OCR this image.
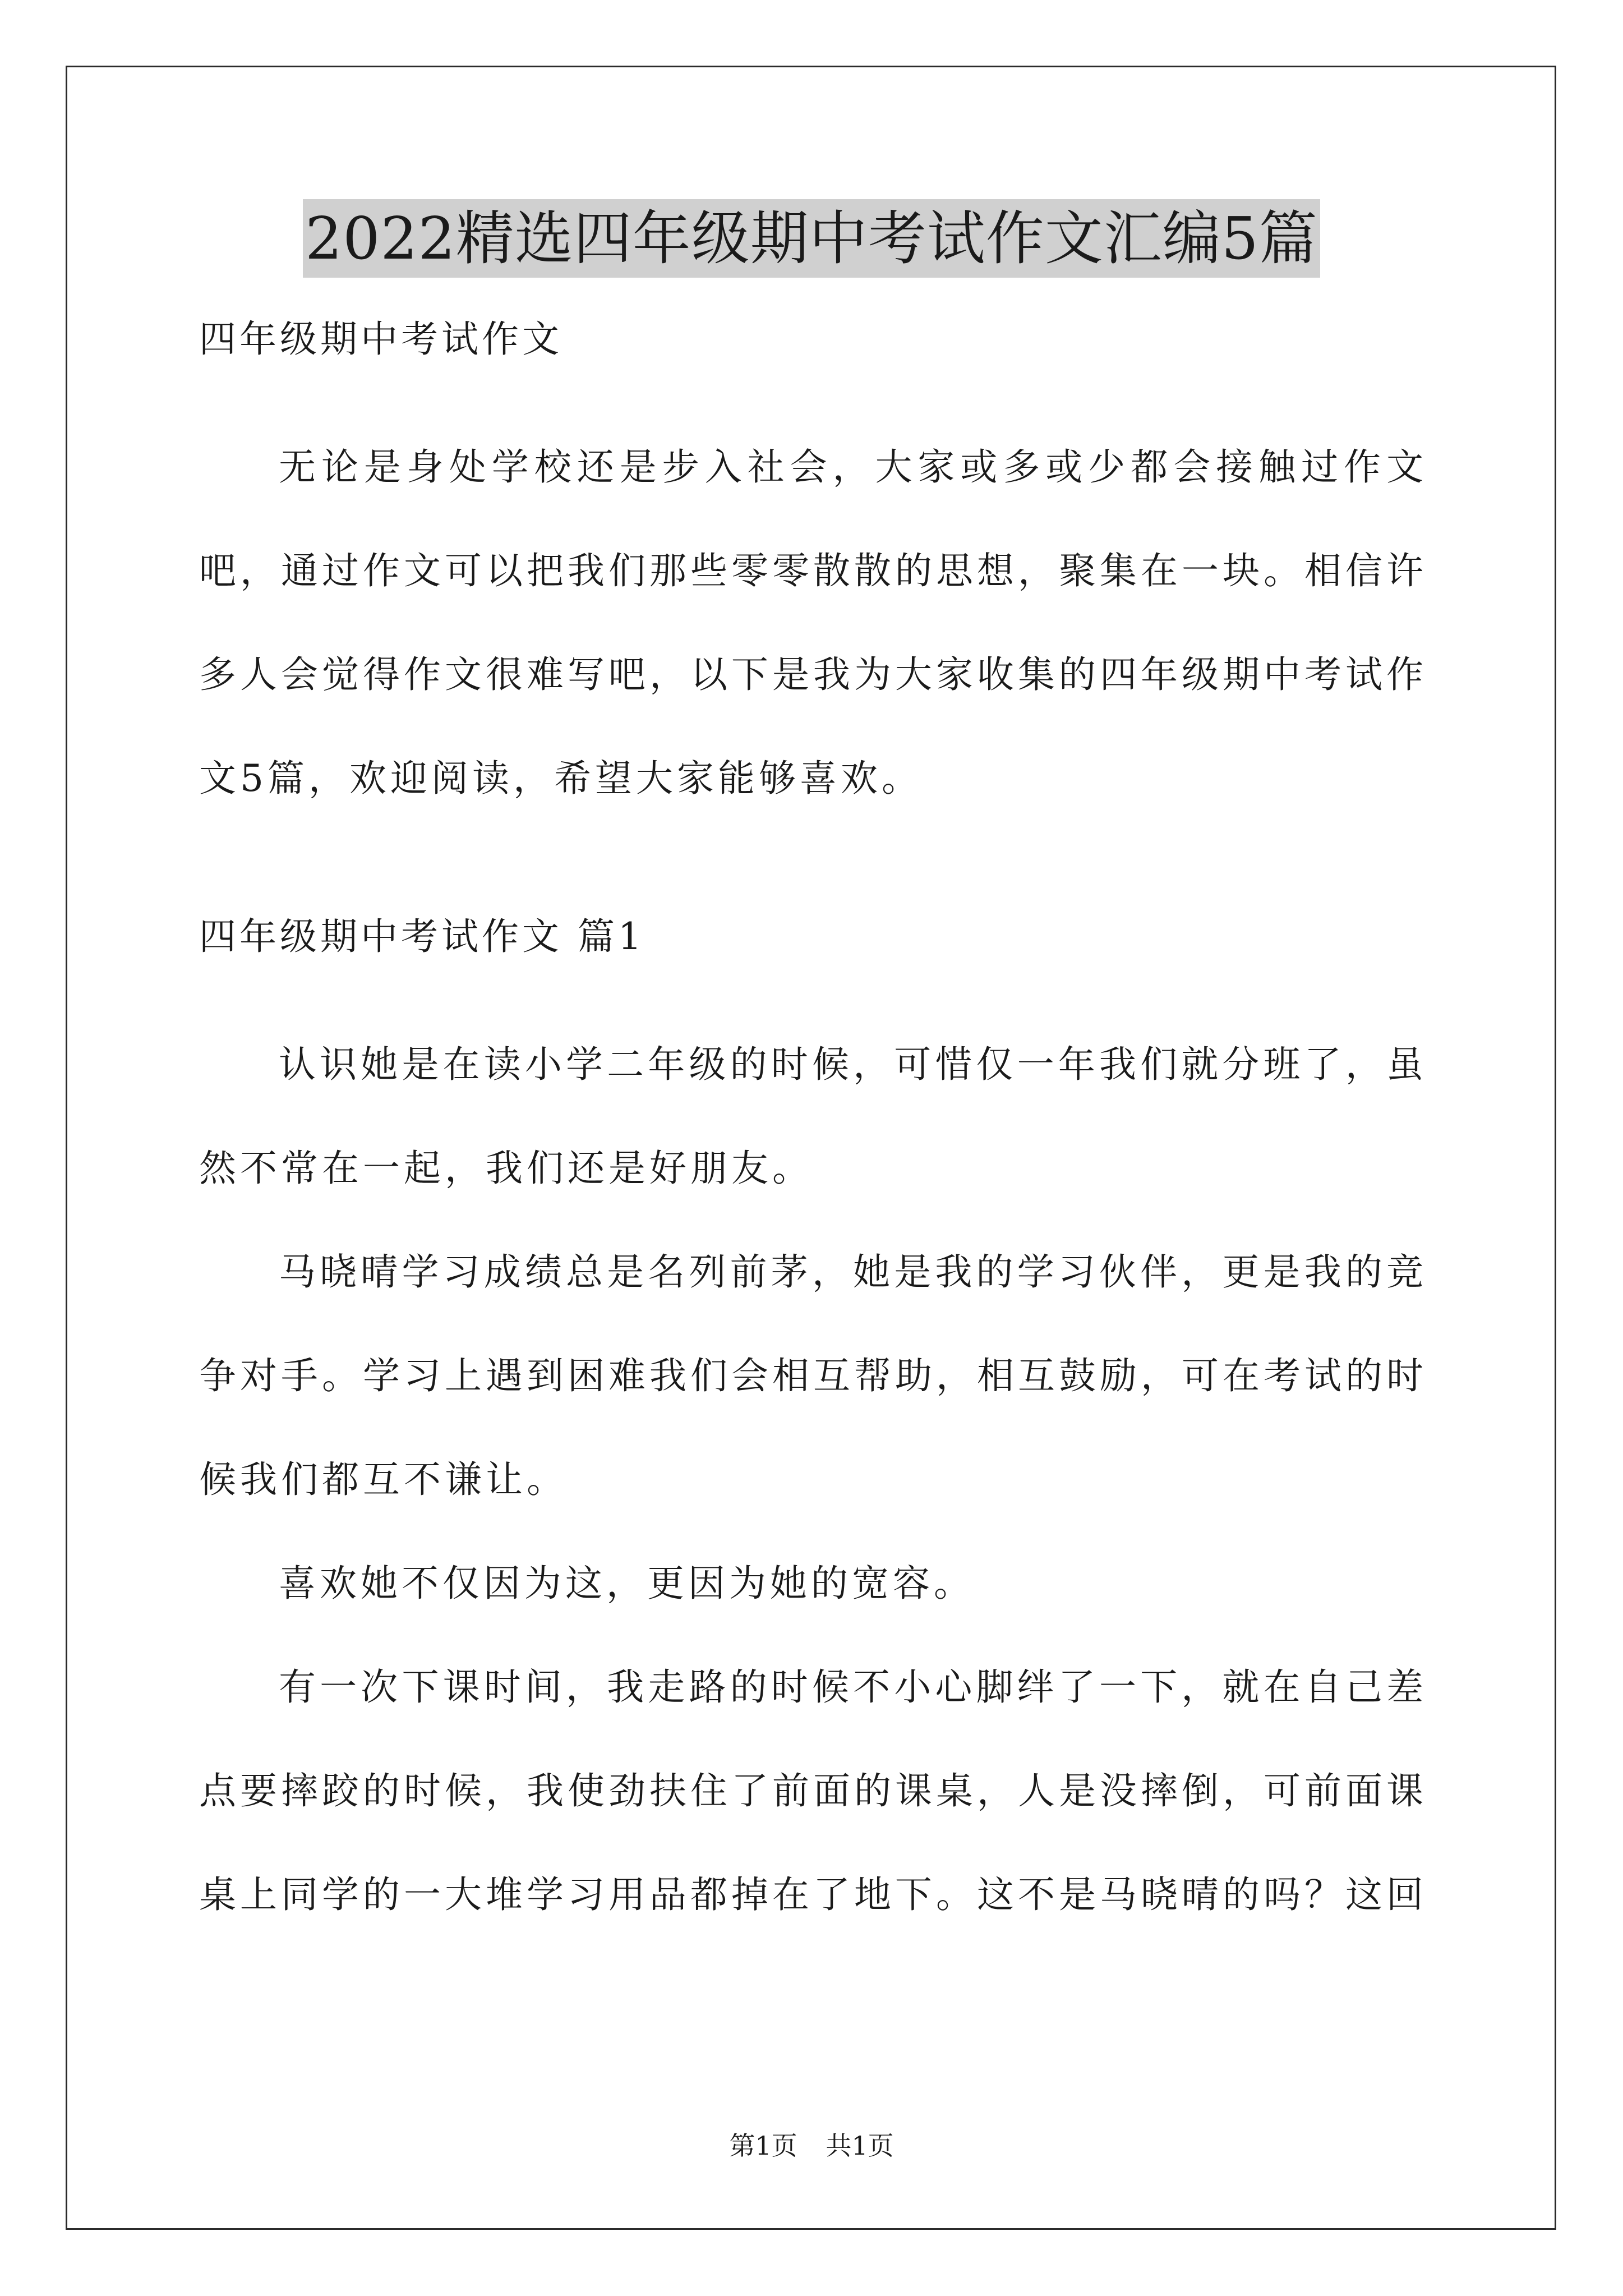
2022精选四年级期中考试作文汇编5篇

四年级期中考试作文

无论是身处学校还是步入社会，大家或多或少都会接触过作文吧，通过作文可以把我们那些零零散散的思想，聚集在一块。相信许多人会觉得作文很难写吧，以下是我为大家收集的四年级期中考试作文5篇，欢迎阅读，希望大家能够喜欢。

四年级期中考试作文 篇1

认识她是在读小学二年级的时候，可惜仅一年我们就分班了，虽然不常在一起，我们还是好朋友。

马晓晴学习成绩总是名列前茅，她是我的学习伙伴，更是我的竞争对手。学习上遇到困难我们会相互帮助，相互鼓励，可在考试的时候我们都互不谦让。

喜欢她不仅因为这，更因为她的宽容。

有一次下课时间，我走路的时候不小心脚绊了一下，就在自己差点要摔跤的时候，我使劲扶住了前面的课桌，人是没摔倒，可前面课桌上同学的一大堆学习用品都掉在了地下。这不是马晓晴的吗？这回

第1页 共1页
